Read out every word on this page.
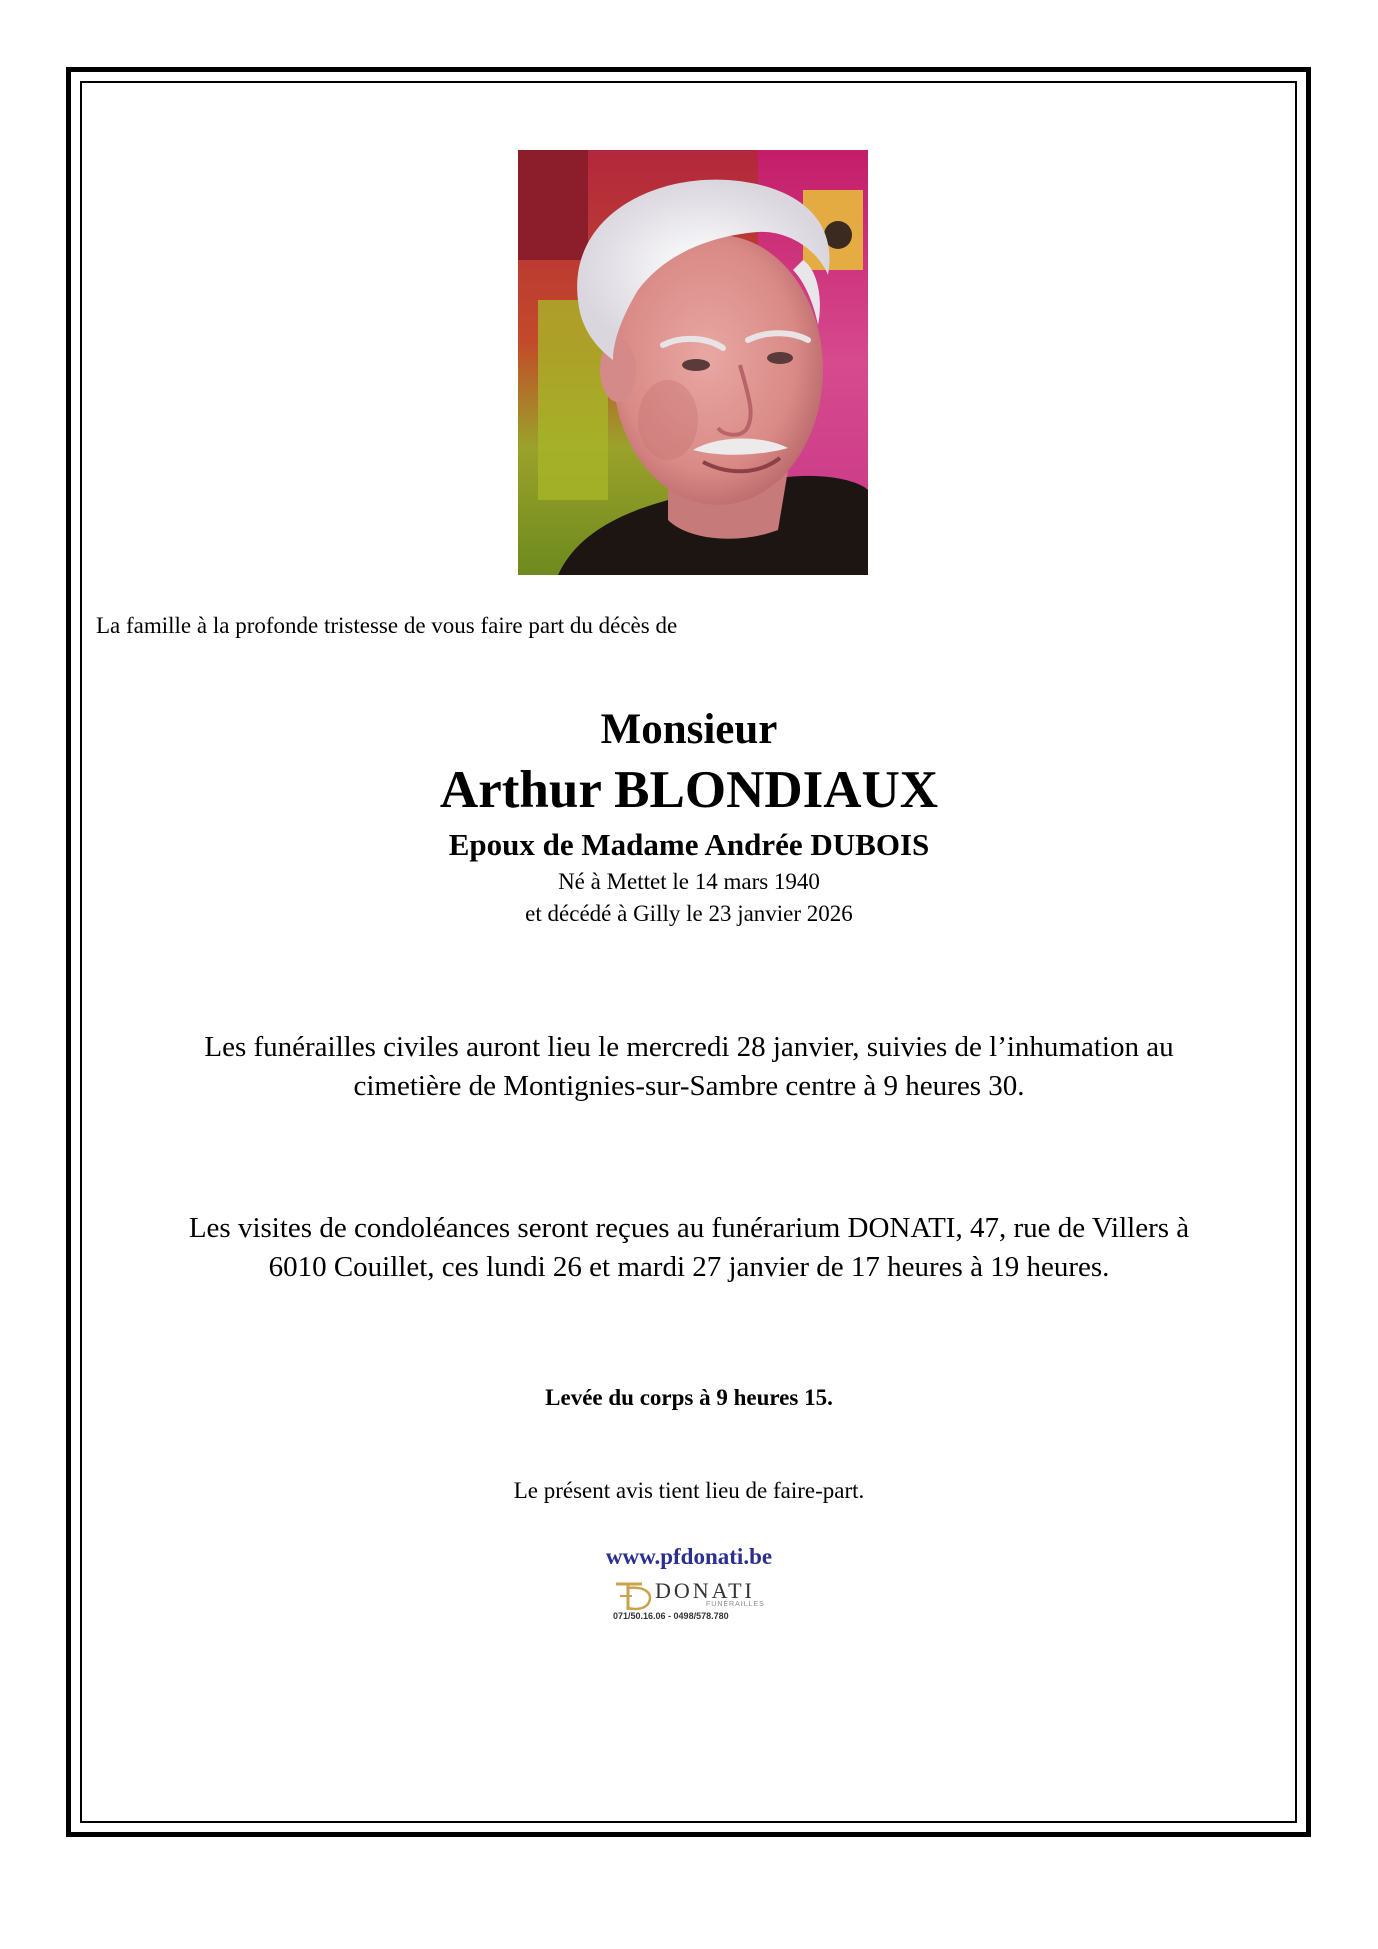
La famille à la profonde tristesse de vous faire part du décès de
Monsieur
Arthur BLONDIAUX
Epoux de Madame Andrée DUBOIS
Né à Mettet le 14 mars 1940
et décédé à Gilly le 23 janvier 2026
Les funérailles civiles auront lieu le mercredi 28 janvier, suivies de l’inhumation au
cimetière de Montignies-sur-Sambre centre à 9 heures 30.
Les visites de condoléances seront reçues au funérarium DONATI, 47, rue de Villers à
6010 Couillet, ces lundi 26 et mardi 27 janvier de 17 heures à 19 heures.
Levée du corps à 9 heures 15.
Le présent avis tient lieu de faire-part.
www.pfdonati.be
DONATI
FUNÉRAILLES
071/50.16.06 - 0498/578.780
